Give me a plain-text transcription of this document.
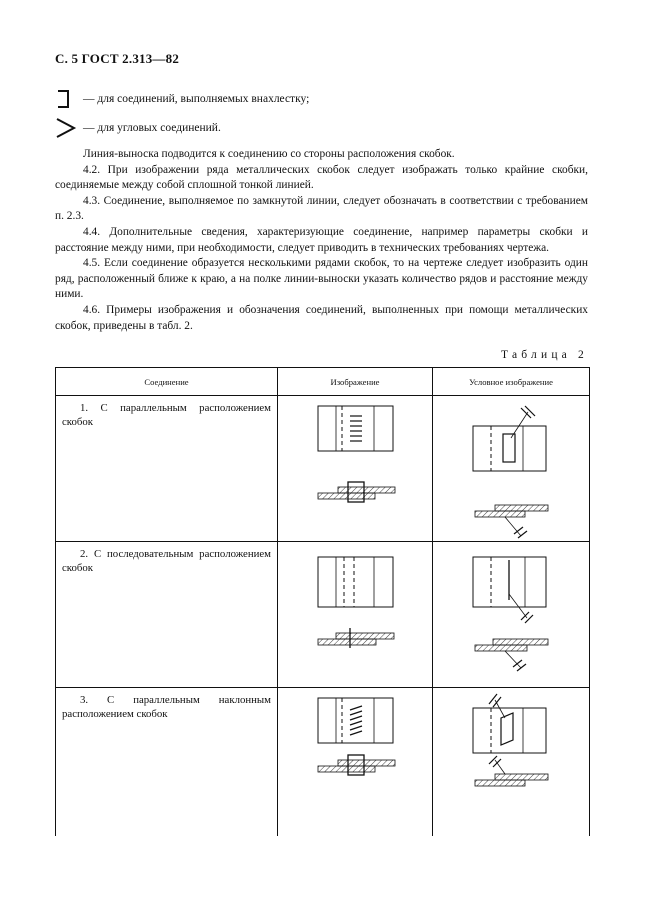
С. 5 ГОСТ 2.313—82
— для соединений, выполняемых внахлестку;
— для угловых соединений.

Линия-выноска подводится к соединению со стороны расположения скобок.

4.2. При изображении ряда металлических скобок следует изображать только крайние скобки, соединяемые между собой сплошной тонкой линией.

4.3. Соединение, выполняемое по замкнутой линии, следует обозначать в соответствии с требованием п. 2.3.

4.4. Дополнительные сведения, характеризующие соединение, например параметры скобки и расстояние между ними, при необходимости, следует приводить в технических требованиях чертежа.

4.5. Если соединение образуется несколькими рядами скобок, то на чертеже следует изобразить один ряд, расположенный ближе к краю, а на полке линии-выноски указать количество рядов и расстояние между ними.

4.6. Примеры изображения и обозначения соединений, выполненных при помощи металлических скобок, приведены в табл. 2.

Таблица 2
Соединение	Изображение	Условное изображение

1. С параллельным расположением скобок

2. С последовательным расположением скобок

3. С параллельным наклонным расположением скобок
